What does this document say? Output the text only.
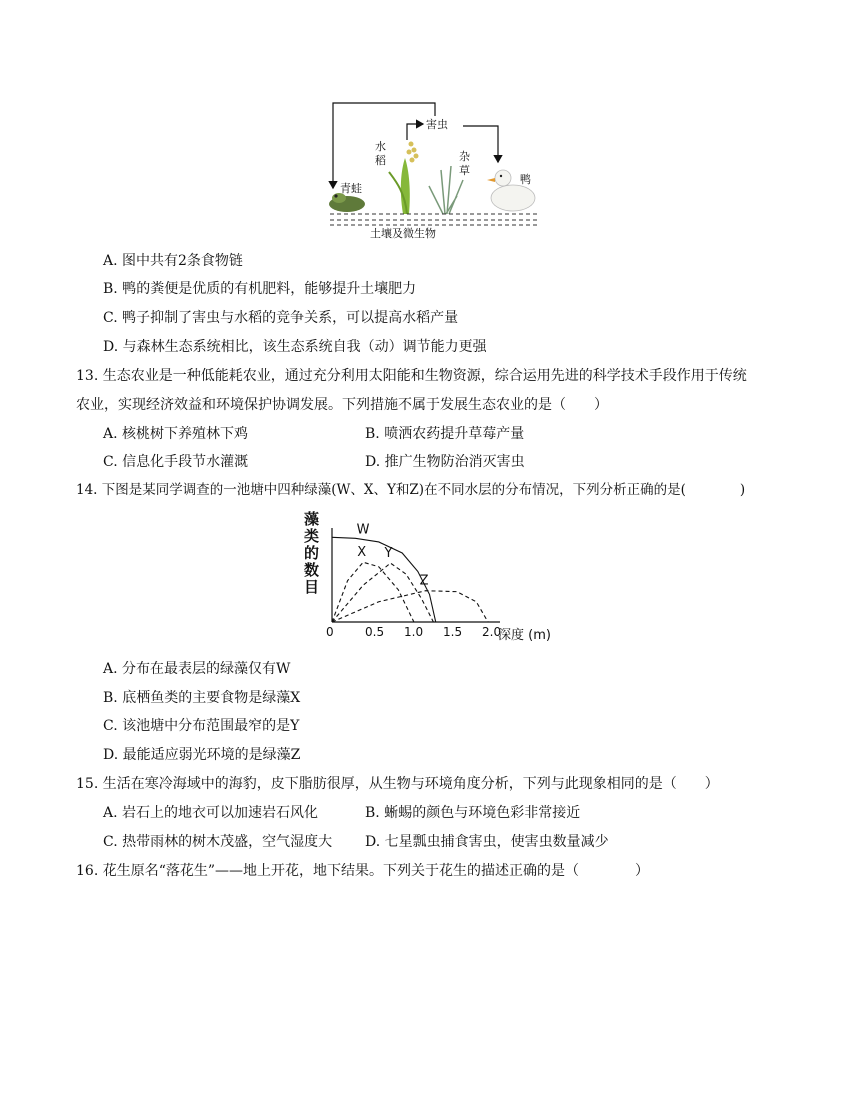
青蛙
水
稻
害虫
杂
草
鸭
土壤及微生物
A. 图中共有2条食物链
B. 鸭的粪便是优质的有机肥料，能够提升土壤肥力
C. 鸭子抑制了害虫与水稻的竞争关系，可以提高水稻产量
D. 与森林生态系统相比，该生态系统自我（动）调节能力更强
13. 生态农业是一种低能耗农业，通过充分利用太阳能和生物资源，综合运用先进的科学技术手段作用于传统
农业，实现经济效益和环境保护协调发展。下列措施不属于发展生态农业的是（　　）
A. 核桃树下养殖林下鸡	B. 喷洒农药提升草莓产量
C. 信息化手段节水灌溉	D. 推广生物防治消灭害虫
14. 下图是某同学调查的一池塘中四种绿藻(W、X、Y和Z)在不同水层的分布情况，下列分析正确的是(　　　　)
藻
类
的
数
目
0	0.5 1.0 1.5 2.0
深度 (m)
W
X Y
Z
A. 分布在最表层的绿藻仅有W
B. 底栖鱼类的主要食物是绿藻X
C. 该池塘中分布范围最窄的是Y
D. 最能适应弱光环境的是绿藻Z
15. 生活在寒冷海域中的海豹，皮下脂肪很厚，从生物与环境角度分析，下列与此现象相同的是（　　）
A. 岩石上的地衣可以加速岩石风化	B. 蜥蜴的颜色与环境色彩非常接近
C. 热带雨林的树木茂盛，空气湿度大 D. 七星瓢虫捕食害虫，使害虫数量减少
16. 花生原名“落花生”——地上开花，地下结果。下列关于花生的描述正确的是（　　　　）
